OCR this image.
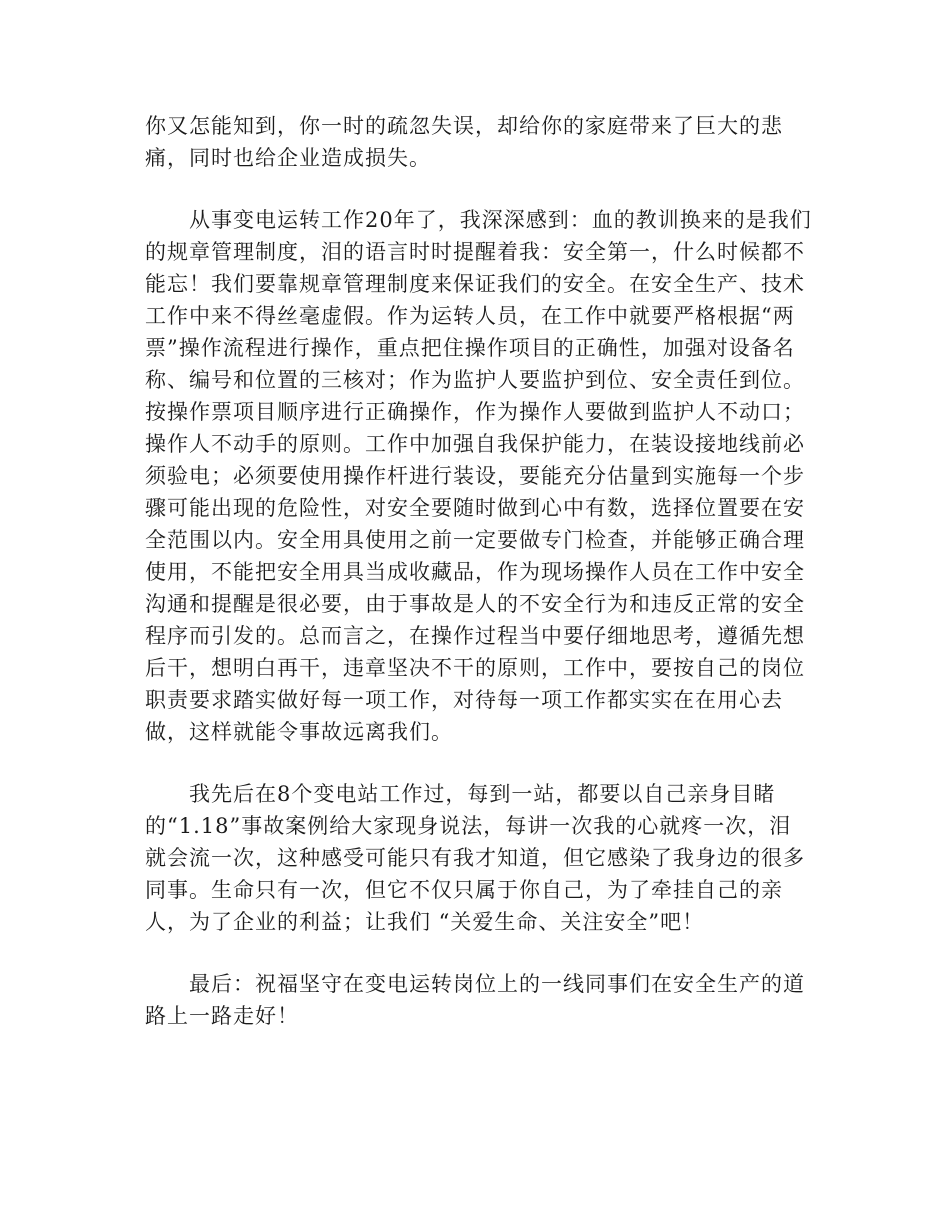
你又怎能知到，你一时的疏忽失误，却给你的家庭带来了巨大的悲
痛，同时也给企业造成损失。
　　从事变电运转工作20年了，我深深感到：血的教训换来的是我们
的规章管理制度，泪的语言时时提醒着我：安全第一，什么时候都不
能忘！我们要靠规章管理制度来保证我们的安全。在安全生产、技术
工作中来不得丝毫虚假。作为运转人员，在工作中就要严格根据“两
票”操作流程进行操作，重点把住操作项目的正确性，加强对设备名
称、编号和位置的三核对；作为监护人要监护到位、安全责任到位。
按操作票项目顺序进行正确操作，作为操作人要做到监护人不动口；
操作人不动手的原则。工作中加强自我保护能力，在装设接地线前必
须验电；必须要使用操作杆进行装设，要能充分估量到实施每一个步
骤可能出现的危险性，对安全要随时做到心中有数，选择位置要在安
全范围以内。安全用具使用之前一定要做专门检查，并能够正确合理
使用，不能把安全用具当成收藏品，作为现场操作人员在工作中安全
沟通和提醒是很必要，由于事故是人的不安全行为和违反正常的安全
程序而引发的。总而言之，在操作过程当中要仔细地思考，遵循先想
后干，想明白再干，违章坚决不干的原则，工作中，要按自己的岗位
职责要求踏实做好每一项工作，对待每一项工作都实实在在用心去
做，这样就能令事故远离我们。
　　我先后在8个变电站工作过，每到一站，都要以自己亲身目睹
的“1.18”事故案例给大家现身说法，每讲一次我的心就疼一次，泪
就会流一次，这种感受可能只有我才知道，但它感染了我身边的很多
同事。生命只有一次，但它不仅只属于你自己，为了牵挂自己的亲
人，为了企业的利益；让我们 “关爱生命、关注安全”吧！
　　最后：祝福坚守在变电运转岗位上的一线同事们在安全生产的道
路上一路走好！
